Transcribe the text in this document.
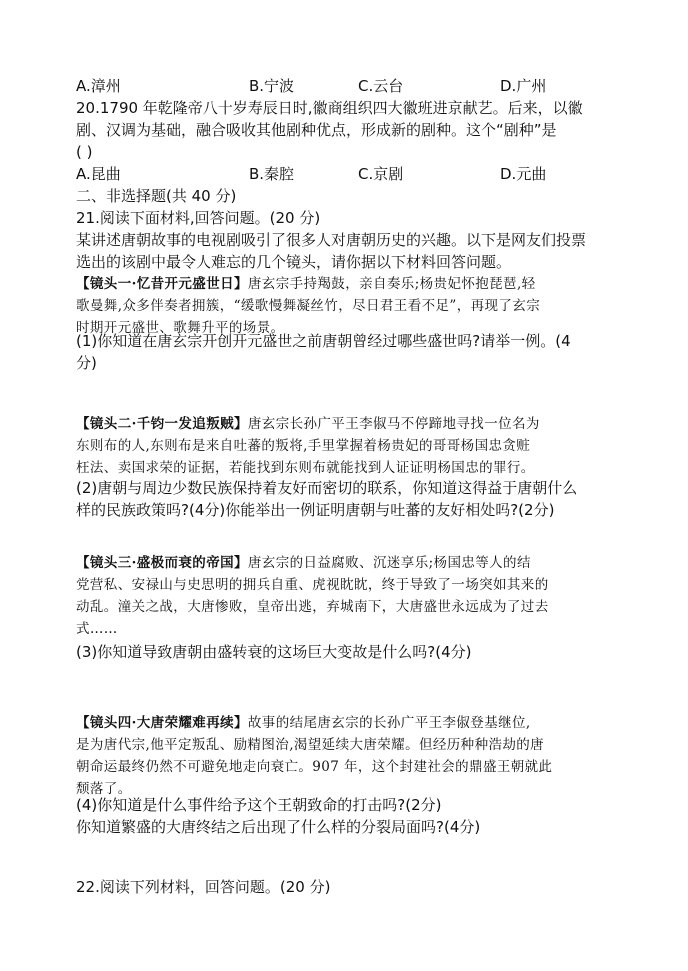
A.漳州	B.宁波	C.云台	D.广州
20.1790 年乾隆帝八十岁寿辰日时,徽商组织四大徽班进京献艺。后来，以徽
剧、汉调为基础，融合吸收其他剧种优点，形成新的剧种。这个“剧种”是
( )
A.昆曲	B.秦腔	C.京剧	D.元曲
二、非选择题(共 40 分)
21.阅读下面材料,回答问题。(20 分)
某讲述唐朝故事的电视剧吸引了很多人对唐朝历史的兴趣。以下是网友们投票
选出的该剧中最令人难忘的几个镜头，请你据以下材料回答问题。
【镜头一·忆昔开元盛世日】唐玄宗手持羯鼓，亲自奏乐;杨贵妃怀抱琵琶,轻
歌曼舞,众多伴奏者拥簇，“缓歌慢舞凝丝竹，尽日君王看不足”，再现了玄宗
时期开元盛世、歌舞升平的场景。
(1)你知道在唐玄宗开创开元盛世之前唐朝曾经过哪些盛世吗?请举一例。(4
分)
【镜头二·千钧一发追叛贼】唐玄宗长孙广平王李俶马不停蹄地寻找一位名为
东则布的人,东则布是来自吐蕃的叛将,手里掌握着杨贵妃的哥哥杨国忠贪赃
枉法、卖国求荣的证据，若能找到东则布就能找到人证证明杨国忠的罪行。
(2)唐朝与周边少数民族保持着友好而密切的联系，你知道这得益于唐朝什么
样的民族政策吗?(4分)你能举出一例证明唐朝与吐蕃的友好相处吗?(2分)
【镜头三·盛极而衰的帝国】唐玄宗的日益腐败、沉迷享乐;杨国忠等人的结
党营私、安禄山与史思明的拥兵自重、虎视眈眈，终于导致了一场突如其来的
动乱。潼关之战，大唐惨败，皇帝出逃，弃城南下，大唐盛世永远成为了过去
式……
(3)你知道导致唐朝由盛转衰的这场巨大变故是什么吗?(4分)
【镜头四·大唐荣耀难再续】故事的结尾唐玄宗的长孙广平王李俶登基继位,
是为唐代宗,他平定叛乱、励精图治,渴望延续大唐荣耀。但经历种种浩劫的唐
朝命运最终仍然不可避免地走向衰亡。907 年，这个封建社会的鼎盛王朝就此
颓落了。
(4)你知道是什么事件给予这个王朝致命的打击吗?(2分)
你知道繁盛的大唐终结之后出现了什么样的分裂局面吗?(4分)
22.阅读下列材料，回答问题。(20 分)
